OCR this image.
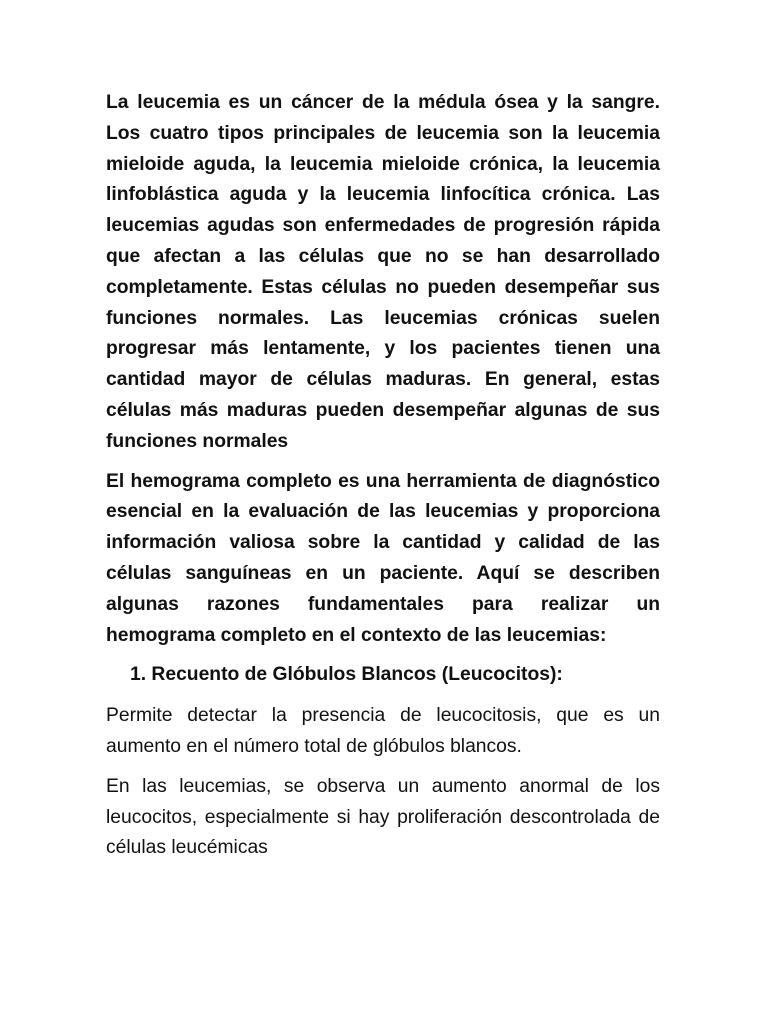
La leucemia es un cáncer de la médula ósea y la sangre. Los cuatro tipos principales de leucemia son la leucemia mieloide aguda, la leucemia mieloide crónica, la leucemia linfoblástica aguda y la leucemia linfocítica crónica. Las leucemias agudas son enfermedades de progresión rápida que afectan a las células que no se han desarrollado completamente. Estas células no pueden desempeñar sus funciones normales. Las leucemias crónicas suelen progresar más lentamente, y los pacientes tienen una cantidad mayor de células maduras. En general, estas células más maduras pueden desempeñar algunas de sus funciones normales

El hemograma completo es una herramienta de diagnóstico esencial en la evaluación de las leucemias y proporciona información valiosa sobre la cantidad y calidad de las células sanguíneas en un paciente. Aquí se describen algunas razones fundamentales para realizar un hemograma completo en el contexto de las leucemias:

1. Recuento de Glóbulos Blancos (Leucocitos):

Permite detectar la presencia de leucocitosis, que es un aumento en el número total de glóbulos blancos.

En las leucemias, se observa un aumento anormal de los leucocitos, especialmente si hay proliferación descontrolada de células leucémicas
